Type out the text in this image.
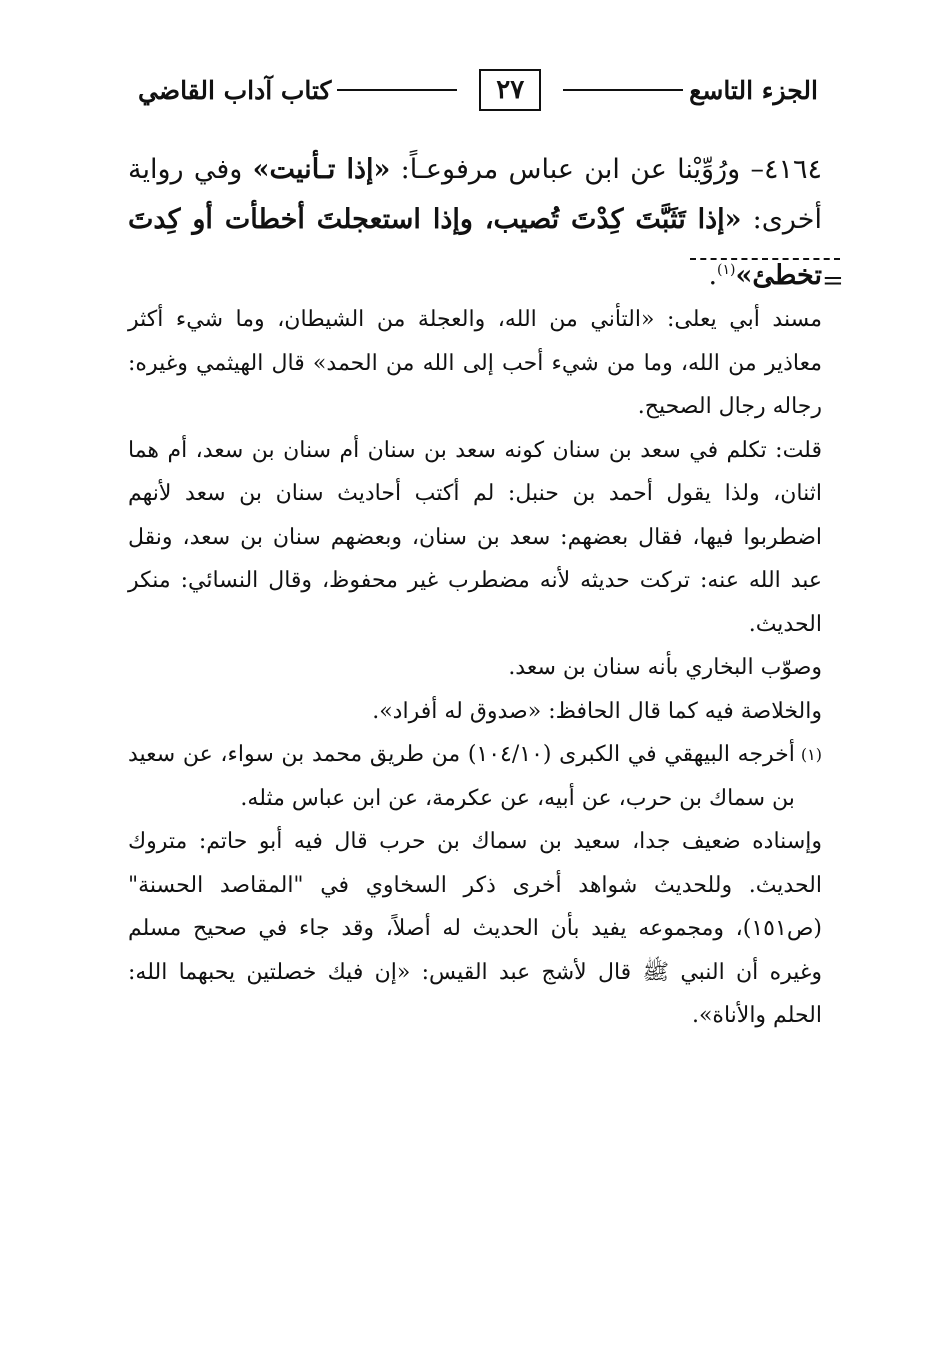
الجزء التاسع
٢٧
كتاب آداب القاضي
٤١٦٤– ورُوِّيْنا عن ابن عباس مرفوعـاً: «إذا تـأنيت» وفي رواية أخرى: «إذا تَثَبَّتَ كِدْتَ تُصيب، وإذا استعجلتَ أخطأت أو كِدتَ تخطئ»$^{(١)}$.	=

مسند أبي يعلى: «التأني من الله، والعجلة من الشيطان، وما شيء أكثر معاذير من الله، وما من شيء أحب إلى الله من الحمد» قال الهيثمي وغيره: رجاله رجال الصحيح.

قلت: تكلم في سعد بن سنان كونه سعد بن سنان أم سنان بن سعد، أم هما اثنان، ولذا يقول أحمد بن حنبل: لم أكتب أحاديث سنان بن سعد لأنهم اضطربوا فيها، فقال بعضهم: سعد بن سنان، وبعضهم سنان بن سعد، ونقل عبد الله عنه: تركت حديثه لأنه مضطرب غير محفوظ، وقال النسائي: منكر الحديث.

وصوّب البخاري بأنه سنان بن سعد.

والخلاصة فيه كما قال الحافظ: «صدوق له أفراد».

(١)
أخرجه البيهقي في الكبرى (١٠٤/١٠) من طريق محمد بن سواء، عن سعيد بن سماك بن حرب، عن أبيه، عن عكرمة، عن ابن عباس مثله.

وإسناده ضعيف جدا، سعيد بن سماك بن حرب قال فيه أبو حاتم: متروك الحديث. وللحديث شواهد أخرى ذكر السخاوي في "المقاصد الحسنة" (ص١٥١)، ومجموعه يفيد بأن الحديث له أصلاً، وقد جاء في صحيح مسلم وغيره أن النبي ﷺ قال لأشج عبد القيس: «إن فيك خصلتين يحبهما الله: الحلم والأناة».
